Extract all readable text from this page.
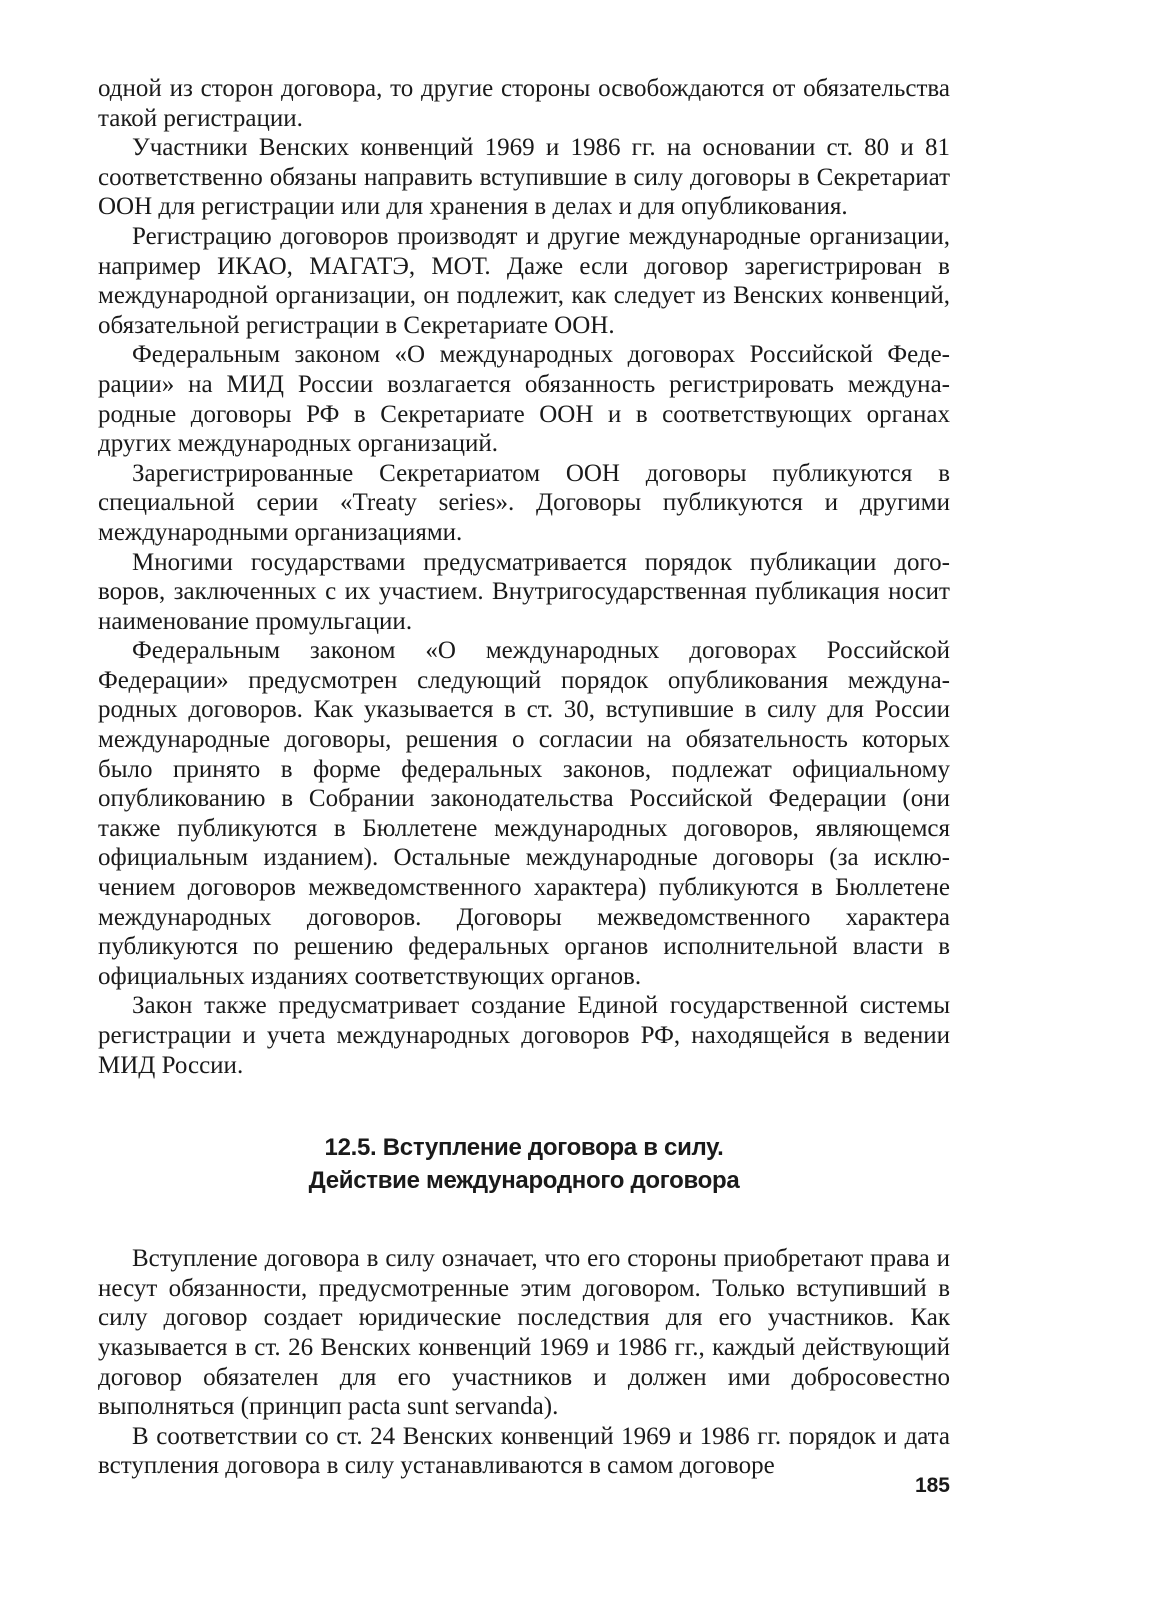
одной из сторон договора, то другие стороны освобождаются от обязательства такой регистрации.

Участники Венских конвенций 1969 и 1986 гг. на основании ст. 80 и 81 соответственно обязаны направить вступившие в силу договоры в Секретариат ООН для регистрации или для хранения в делах и для опубликования.

Регистрацию договоров производят и другие международные организации, например ИКАО, МАГАТЭ, МОТ. Даже если договор зарегистрирован в международной организации, он подлежит, как следует из Венских конвенций, обязательной регистрации в Секретариате ООН.

Федеральным законом «О международных договорах Российской Федерации» на МИД России возлагается обязанность регистрировать международные договоры РФ в Секретариате ООН и в соответствующих органах других международных организаций.

Зарегистрированные Секретариатом ООН договоры публикуются в специальной серии «Treaty series». Договоры публикуются и другими международными организациями.

Многими государствами предусматривается порядок публикации договоров, заключенных с их участием. Внутригосударственная публикация носит наименование промульгации.

Федеральным законом «О международных договорах Российской Федерации» предусмотрен следующий порядок опубликования международных договоров. Как указывается в ст. 30, вступившие в силу для России международные договоры, решения о согласии на обязательность которых было принято в форме федеральных законов, подлежат официальному опубликованию в Собрании законодательства Российской Федерации (они также публикуются в Бюллетене международных договоров, являющемся официальным изданием). Остальные международные договоры (за исключением договоров межведомственного характера) публикуются в Бюллетене международных договоров. Договоры межведомственного характера публикуются по решению федеральных органов исполнительной власти в официальных изданиях соответствующих органов.

Закон также предусматривает создание Единой государственной системы регистрации и учета международных договоров РФ, находящейся в ведении МИД России.

12.5. Вступление договора в силу.
Действие международного договора

Вступление договора в силу означает, что его стороны приобретают права и несут обязанности, предусмотренные этим договором. Только вступивший в силу договор создает юридические последствия для его участников. Как указывается в ст. 26 Венских конвенций 1969 и 1986 гг., каждый действующий договор обязателен для его участников и должен ими добросовестно выполняться (принцип pacta sunt servanda).

В соответствии со ст. 24 Венских конвенций 1969 и 1986 гг. порядок и дата вступления договора в силу устанавливаются в самом договоре

185
